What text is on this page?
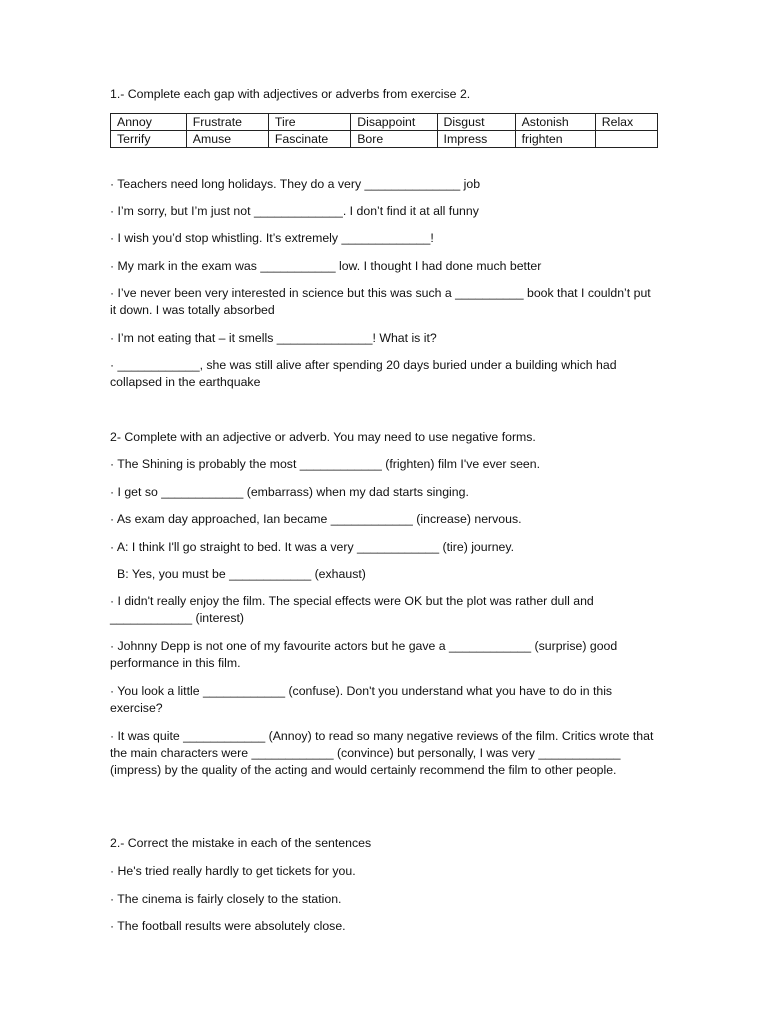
1.- Complete each gap with adjectives or adverbs from exercise 2.
Annoy	Frustrate	Tire	Disappoint	Disgust	Astonish	Relax
Terrify	Amuse	Fascinate	Bore	Impress	frighten	
· Teachers need long holidays. They do a very ______________ job
· I’m sorry, but I’m just not _____________. I don’t find it at all funny
· I wish you’d stop whistling. It’s extremely _____________!
· My mark in the exam was ___________ low. I thought I had done much better
· I’ve never been very interested in science but this was such a __________ book that I couldn’t put it down. I was totally absorbed
· I’m not eating that – it smells ______________! What is it?
· ____________, she was still alive after spending 20 days buried under a building which had collapsed in the earthquake
2- Complete with an adjective or adverb. You may need to use negative forms.
· The Shining is probably the most ____________ (frighten) film I've ever seen.
· I get so ____________ (embarrass) when my dad starts singing.
· As exam day approached, Ian became ____________ (increase) nervous.
· A: I think I'll go straight to bed. It was a very ____________ (tire) journey.
B: Yes, you must be ____________ (exhaust)
· I didn't really enjoy the film. The special effects were OK but the plot was rather dull and ____________ (interest)
· Johnny Depp is not one of my favourite actors but he gave a ____________ (surprise) good performance in this film.
· You look a little ____________ (confuse). Don't you understand what you have to do in this exercise?
· It was quite ____________ (Annoy) to read so many negative reviews of the film. Critics wrote that the main characters were ____________ (convince) but personally, I was very ____________ (impress) by the quality of the acting and would certainly recommend the film to other people.
2.- Correct the mistake in each of the sentences
· He's tried really hardly to get tickets for you.
· The cinema is fairly closely to the station.
· The football results were absolutely close.
